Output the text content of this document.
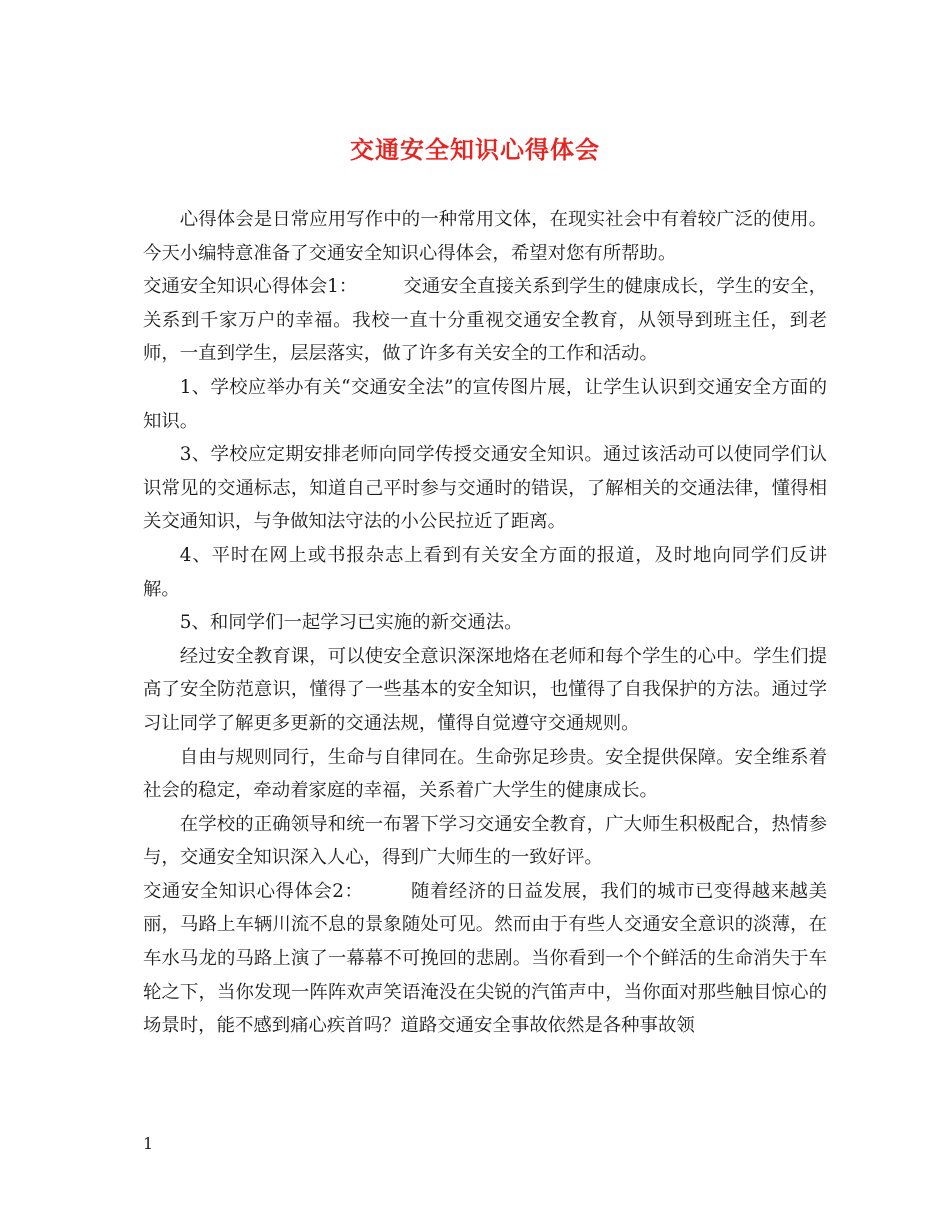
交通安全知识心得体会

心得体会是日常应用写作中的一种常用文体，在现实社会中有着较广泛的使用。今天小编特意准备了交通安全知识心得体会，希望对您有所帮助。

交通安全知识心得体会1：　　　交通安全直接关系到学生的健康成长，学生的安全，关系到千家万户的幸福。我校一直十分重视交通安全教育，从领导到班主任，到老师，一直到学生，层层落实，做了许多有关安全的工作和活动。

1、学校应举办有关“交通安全法”的宣传图片展，让学生认识到交通安全方面的知识。

3、学校应定期安排老师向同学传授交通安全知识。通过该活动可以使同学们认识常见的交通标志，知道自己平时参与交通时的错误，了解相关的交通法律，懂得相关交通知识，与争做知法守法的小公民拉近了距离。

4、平时在网上或书报杂志上看到有关安全方面的报道，及时地向同学们反讲解。

5、和同学们一起学习已实施的新交通法。

经过安全教育课，可以使安全意识深深地烙在老师和每个学生的心中。学生们提高了安全防范意识，懂得了一些基本的安全知识，也懂得了自我保护的方法。通过学习让同学了解更多更新的交通法规，懂得自觉遵守交通规则。

自由与规则同行，生命与自律同在。生命弥足珍贵。安全提供保障。安全维系着社会的稳定，牵动着家庭的幸福，关系着广大学生的健康成长。

在学校的正确领导和统一布署下学习交通安全教育，广大师生积极配合，热情参与，交通安全知识深入人心，得到广大师生的一致好评。

交通安全知识心得体会2：　　　随着经济的日益发展，我们的城市已变得越来越美丽，马路上车辆川流不息的景象随处可见。然而由于有些人交通安全意识的淡薄，在车水马龙的马路上演了一幕幕不可挽回的悲剧。当你看到一个个鲜活的生命消失于车轮之下，当你发现一阵阵欢声笑语淹没在尖锐的汽笛声中，当你面对那些触目惊心的场景时，能不感到痛心疾首吗？道路交通安全事故依然是各种事故领

1
